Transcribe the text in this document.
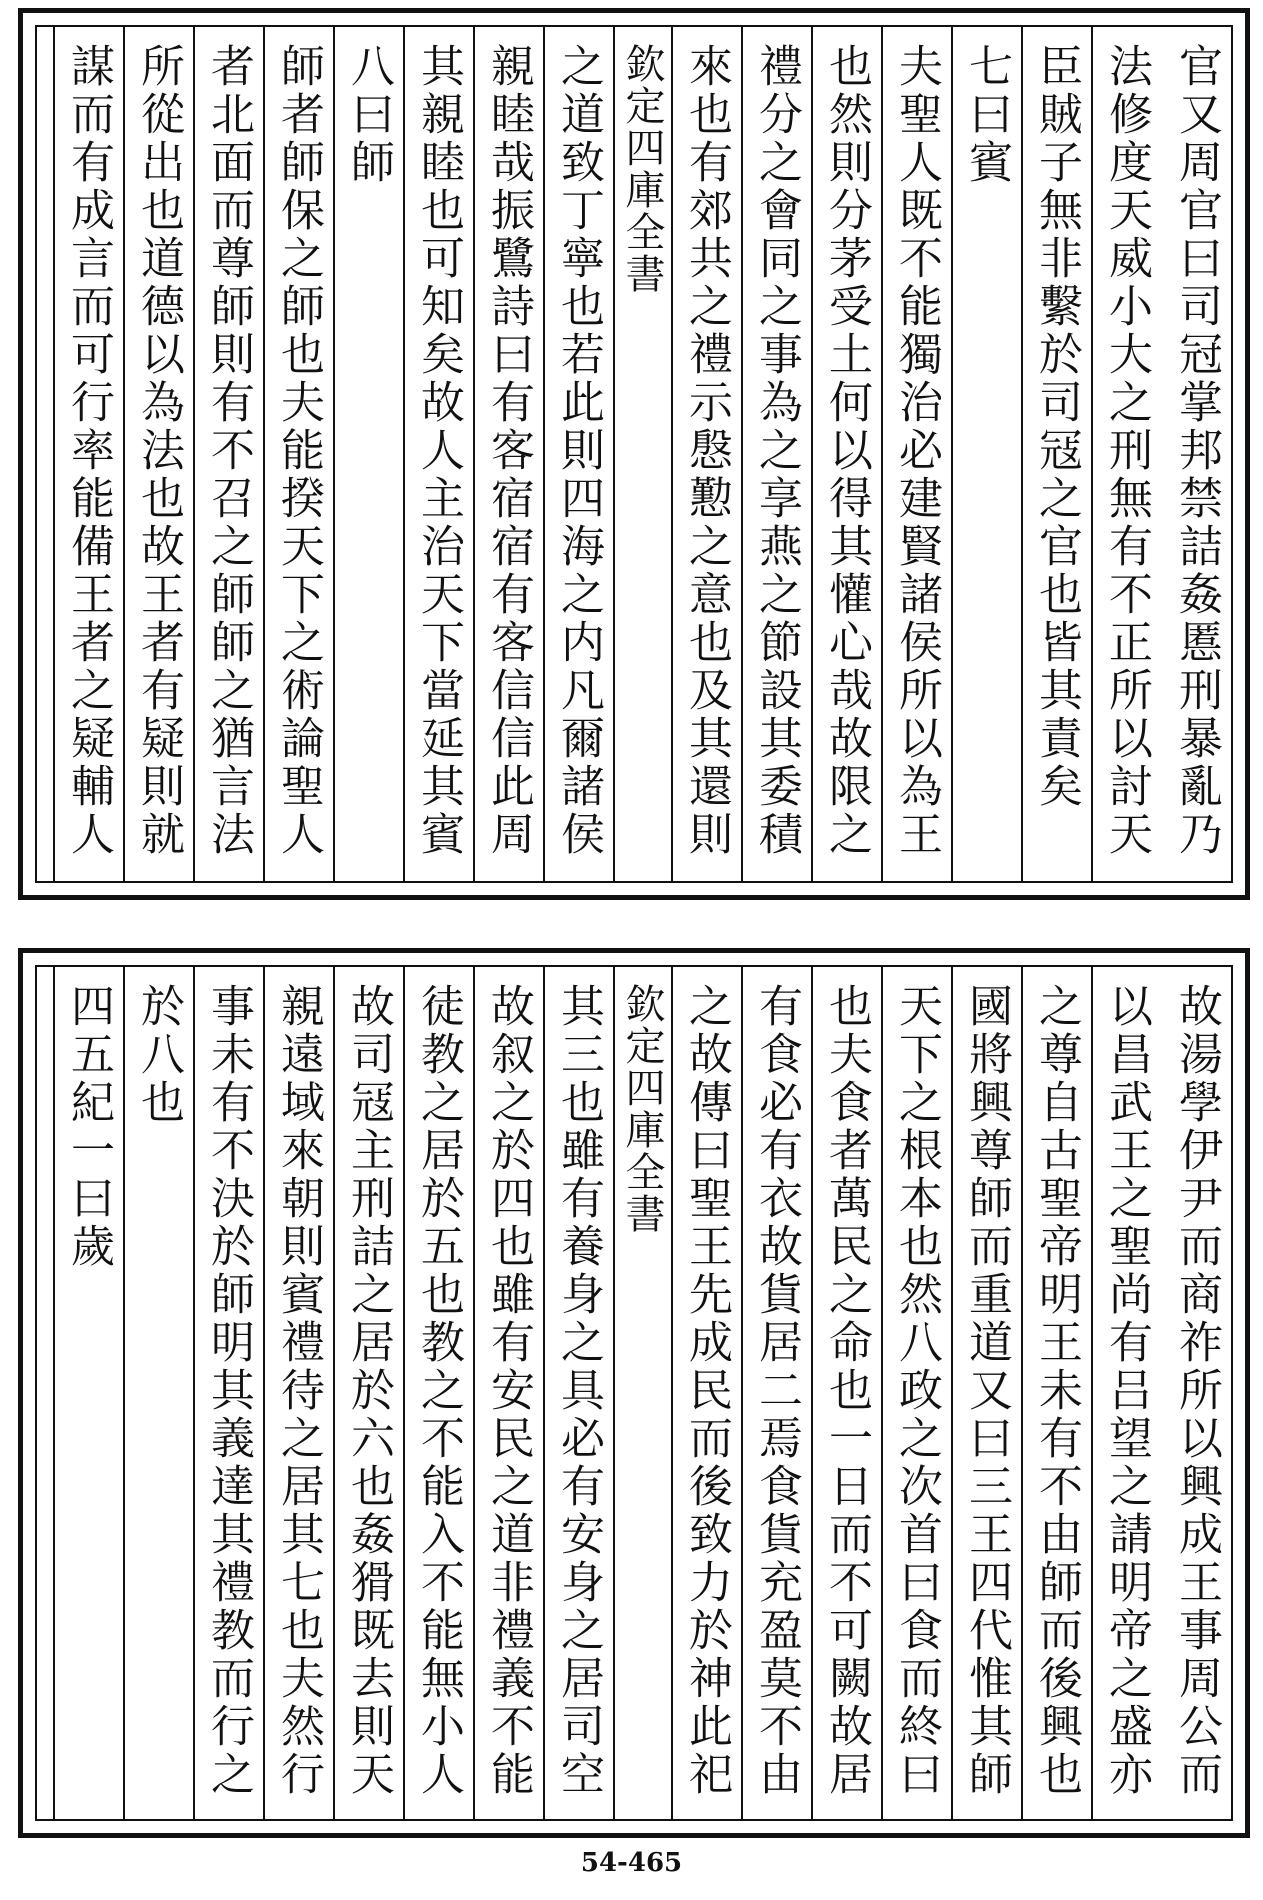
官又周官曰司冠掌邦禁詰姦慝刑暴亂乃
法修度天威小大之刑無有不正所以討天
臣賊子無非繫於司冦之官也皆其責矣
七曰賓
夫聖人既不能獨治必建賢諸侯所以為王
也然則分茅受土何以得其懽心哉故限之
禮分之會同之事為之享燕之節設其委積
來也有郊共之禮示慇懃之意也及其還則
欽定四庫全書
之道致丁寧也若此則四海之内凡爾諸侯
親睦哉振鷺詩曰有客宿宿有客信信此周
其親睦也可知矣故人主治天下當延其賓
八曰師
師者師保之師也夫能揆天下之術論聖人
者北面而尊師則有不召之師師之猶言法
所從出也道德以為法也故王者有疑則就
謀而有成言而可行率能備王者之疑輔人
故湯學伊尹而商祚所以興成王事周公而
以昌武王之聖尚有吕望之請明帝之盛亦
之尊自古聖帝明王未有不由師而後興也
國將興尊師而重道又曰三王四代惟其師
天下之根本也然八政之次首曰食而終曰
也夫食者萬民之命也一日而不可闕故居
有食必有衣故貨居二焉食貨充盈莫不由
之故傳曰聖王先成民而後致力於神此祀
欽定四庫全書
其三也雖有養身之具必有安身之居司空
故叙之於四也雖有安民之道非禮義不能
徒教之居於五也教之不能入不能無小人
故司冦主刑詰之居於六也姦猾既去則天
親遠域來朝則賓禮待之居其七也夫然行
事未有不決於師明其義達其禮教而行之
於八也
四五紀一曰歲
54-465
